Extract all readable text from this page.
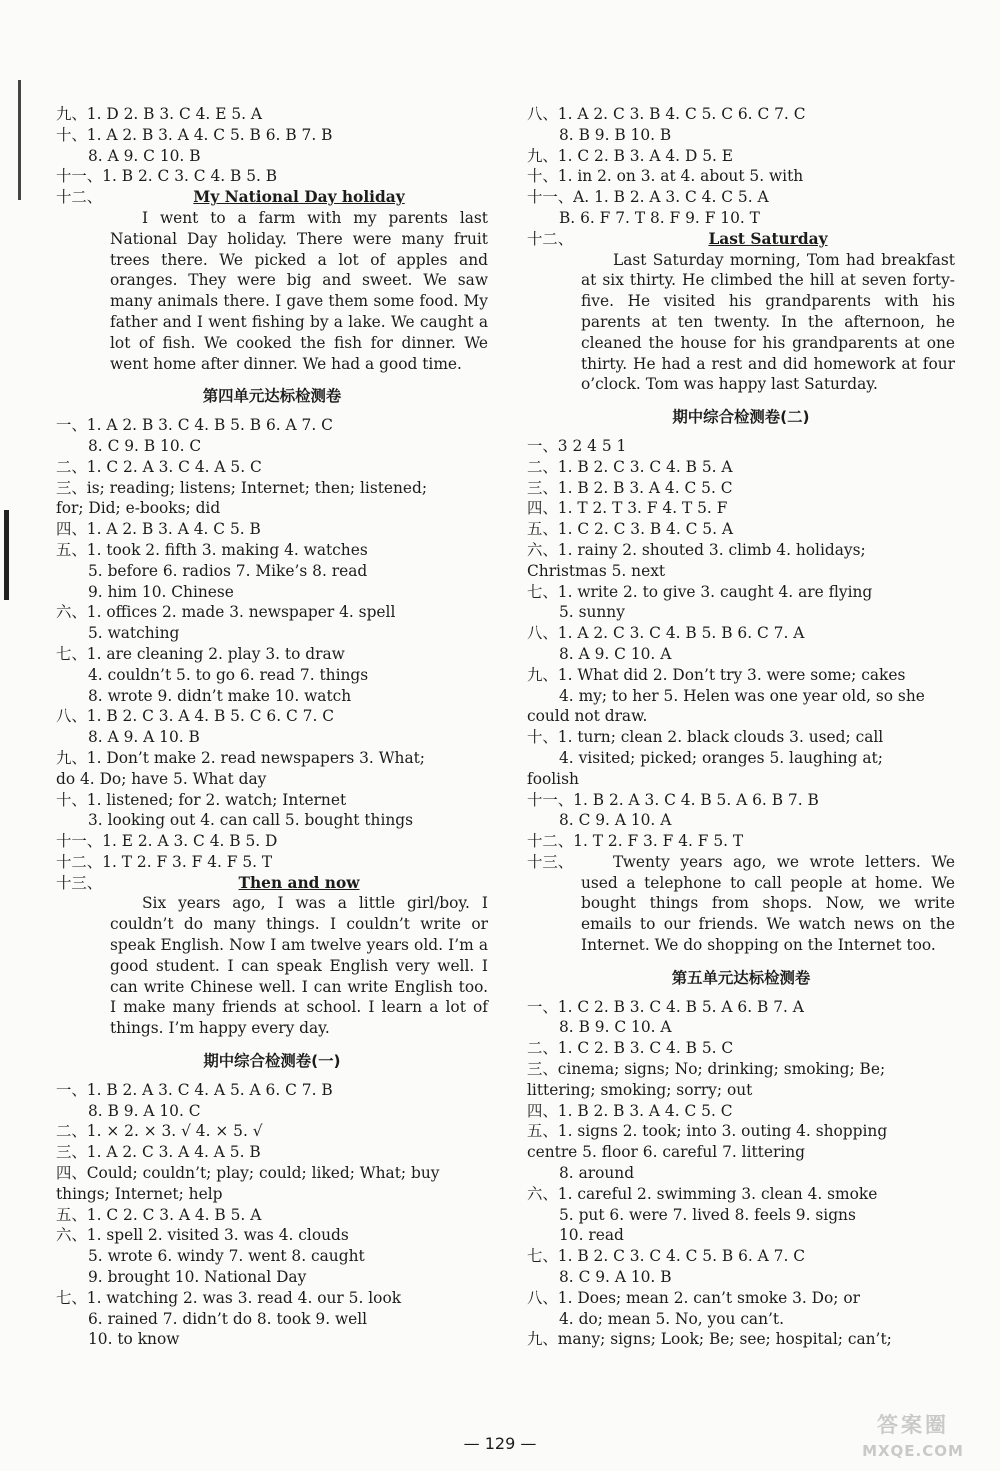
九、1. D 2. B 3. C 4. E 5. A
十、1. A 2. B 3. A 4. C 5. B 6. B 7. B
8. A 9. C 10. B
十一、1. B 2. C 3. C 4. B 5. B
十二、	My National Day holiday

I went to a farm with my parents last National Day holiday. There were many fruit trees there. We picked a lot of apples and oranges. They were big and sweet. We saw many animals there. I gave them some food. My father and I went fishing by a lake. We caught a lot of fish. We cooked the fish for dinner. We went home after dinner. We had a good time.

第四单元达标检测卷
一、1. A 2. B 3. C 4. B 5. B 6. A 7. C
8. C 9. B 10. C
二、1. C 2. A 3. C 4. A 5. C
三、is; reading; listens; Internet; then; listened;
for; Did; e-books; did
四、1. A 2. B 3. A 4. C 5. B
五、1. took 2. fifth 3. making 4. watches
5. before 6. radios 7. Mike’s 8. read
9. him 10. Chinese
六、1. offices 2. made 3. newspaper 4. spell
5. watching
七、1. are cleaning 2. play 3. to draw
4. couldn’t 5. to go 6. read 7. things
8. wrote 9. didn’t make 10. watch
八、1. B 2. C 3. A 4. B 5. C 6. C 7. C
8. A 9. A 10. B
九、1. Don’t make 2. read newspapers 3. What;
do 4. Do; have 5. What day
十、1. listened; for 2. watch; Internet
3. looking out 4. can call 5. bought things
十一、1. E 2. A 3. C 4. B 5. D
十二、1. T 2. F 3. F 4. F 5. T
十三、	Then and now

Six years ago, I was a little girl/boy. I couldn’t do many things. I couldn’t write or speak English. Now I am twelve years old. I’m a good student. I can speak English very well. I can write Chinese well. I can write English too. I make many friends at school. I learn a lot of things. I’m happy every day.

期中综合检测卷(一)
一、1. B 2. A 3. C 4. A 5. A 6. C 7. B
8. B 9. A 10. C
二、1. × 2. × 3. √ 4. × 5. √
三、1. A 2. C 3. A 4. A 5. B
四、Could; couldn’t; play; could; liked; What; buy
things; Internet; help
五、1. C 2. C 3. A 4. B 5. A
六、1. spell 2. visited 3. was 4. clouds
5. wrote 6. windy 7. went 8. caught
9. brought 10. National Day
七、1. watching 2. was 3. read 4. our 5. look
6. rained 7. didn’t do 8. took 9. well
10. to know
八、1. A 2. C 3. B 4. C 5. C 6. C 7. C
8. B 9. B 10. B
九、1. C 2. B 3. A 4. D 5. E
十、1. in 2. on 3. at 4. about 5. with
十一、A. 1. B 2. A 3. C 4. C 5. A
B. 6. F 7. T 8. F 9. F 10. T
十二、	Last Saturday

Last Saturday morning, Tom had breakfast at six thirty. He climbed the hill at seven forty-five. He visited his grandparents with his parents at ten twenty. In the afternoon, he cleaned the house for his grandparents at one thirty. He had a rest and did homework at four o’clock. Tom was happy last Saturday.

期中综合检测卷(二)
一、3 2 4 5 1
二、1. B 2. C 3. C 4. B 5. A
三、1. B 2. B 3. A 4. C 5. C
四、1. T 2. T 3. F 4. T 5. F
五、1. C 2. C 3. B 4. C 5. A
六、1. rainy 2. shouted 3. climb 4. holidays;
Christmas 5. next
七、1. write 2. to give 3. caught 4. are flying
5. sunny
八、1. A 2. C 3. C 4. B 5. B 6. C 7. A
8. A 9. C 10. A
九、1. What did 2. Don’t try 3. were some; cakes
4. my; to her 5. Helen was one year old, so she
could not draw.
十、1. turn; clean 2. black clouds 3. used; call
4. visited; picked; oranges 5. laughing at;
foolish
十一、1. B 2. A 3. C 4. B 5. A 6. B 7. B
8. C 9. A 10. A
十二、1. T 2. F 3. F 4. F 5. T
十三、	Twenty years ago, we wrote letters. We used a telephone to call people at home. We bought things from shops. Now, we write emails to our friends. We watch news on the Internet. We do shopping on the Internet too.

第五单元达标检测卷
一、1. C 2. B 3. C 4. B 5. A 6. B 7. A
8. B 9. C 10. A
二、1. C 2. B 3. C 4. B 5. C
三、cinema; signs; No; drinking; smoking; Be;
littering; smoking; sorry; out
四、1. B 2. B 3. A 4. C 5. C
五、1. signs 2. took; into 3. outing 4. shopping
centre 5. floor 6. careful 7. littering
8. around
六、1. careful 2. swimming 3. clean 4. smoke
5. put 6. were 7. lived 8. feels 9. signs
10. read
七、1. B 2. C 3. C 4. C 5. B 6. A 7. C
8. C 9. A 10. B
八、1. Does; mean 2. can’t smoke 3. Do; or
4. do; mean 5. No, you can’t.
九、many; signs; Look; Be; see; hospital; can’t;
— 129 —
答案圈
MXQE.COM
